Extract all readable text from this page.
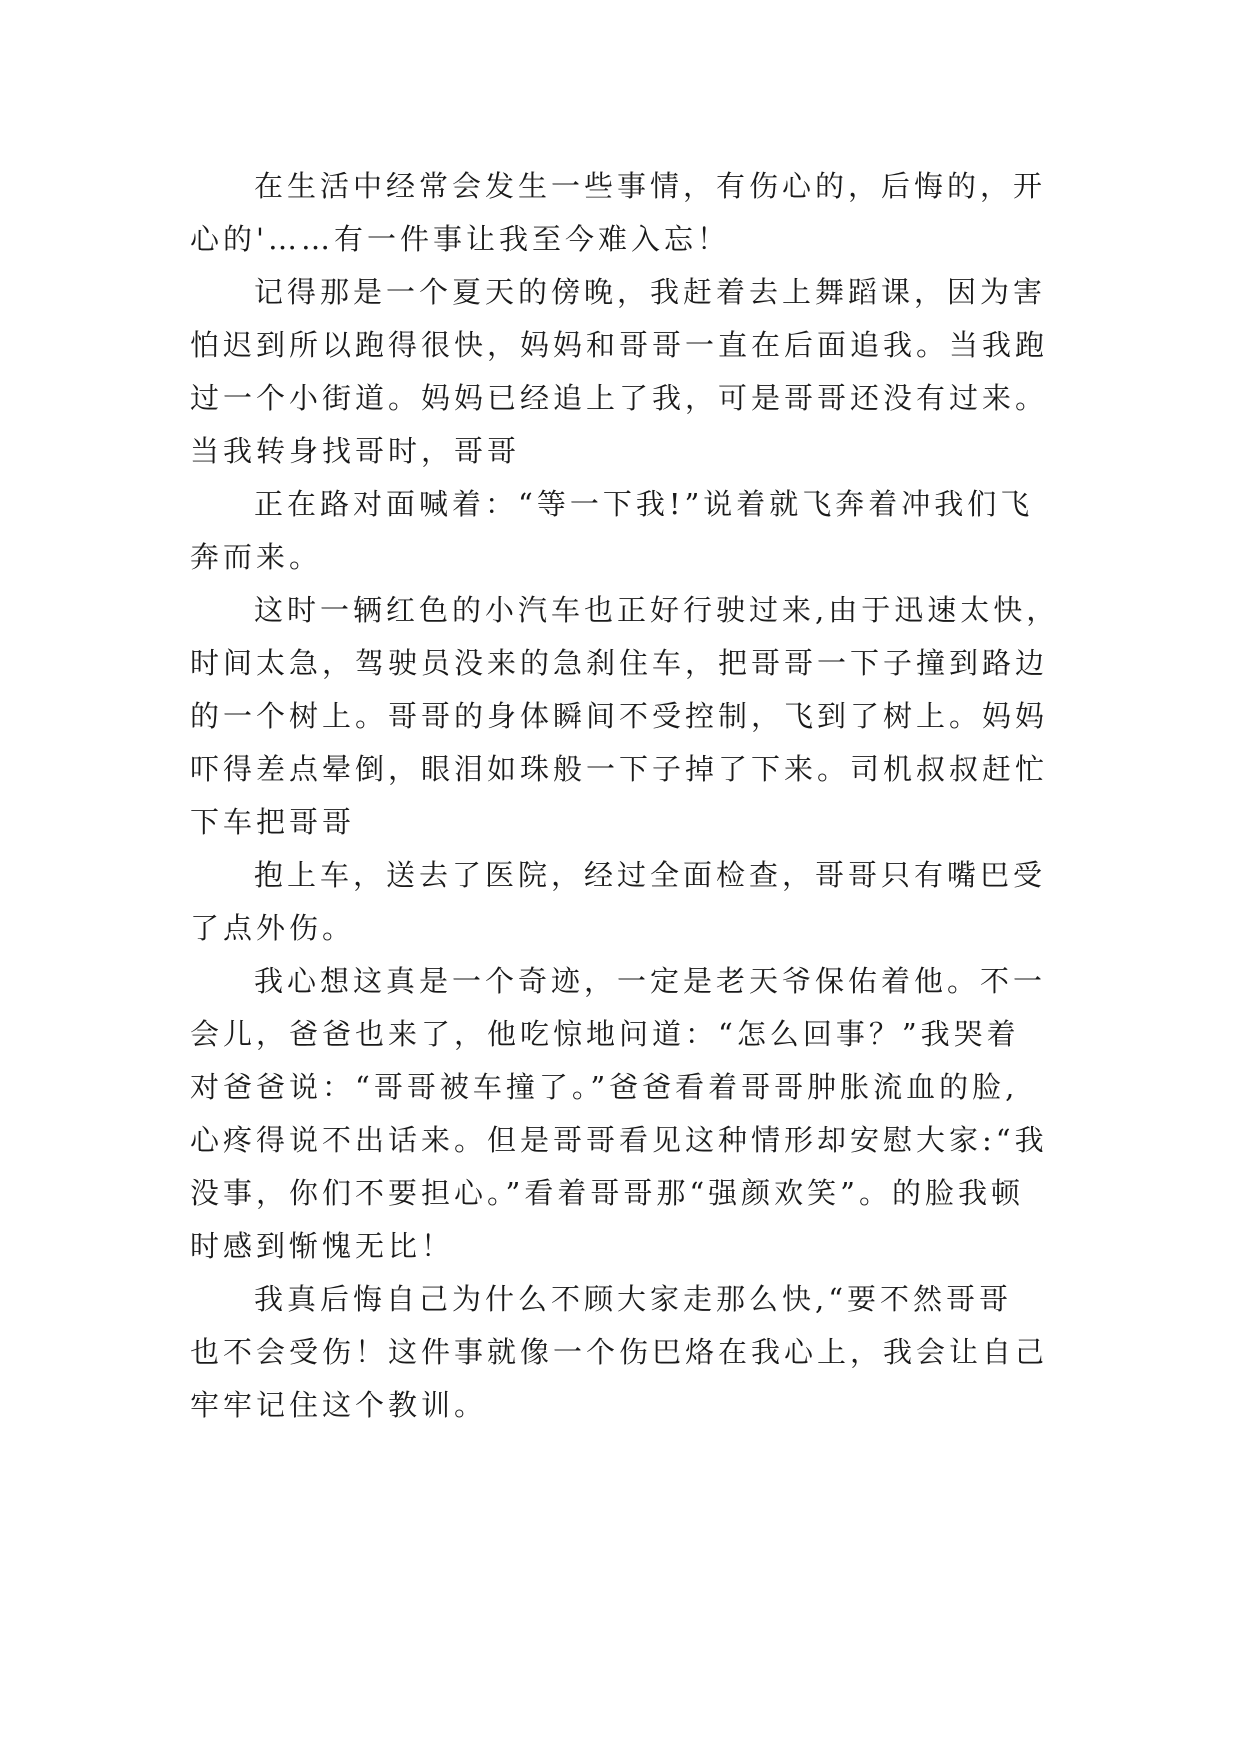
在生活中经常会发生一些事情，有伤心的，后悔的，开
心的'……有一件事让我至今难入忘！
记得那是一个夏天的傍晚，我赶着去上舞蹈课，因为害
怕迟到所以跑得很快，妈妈和哥哥一直在后面追我。当我跑
过一个小街道。妈妈已经追上了我，可是哥哥还没有过来。
当我转身找哥时，哥哥
正在路对面喊着：“等一下我!”说着就飞奔着冲我们飞
奔而来。
这时一辆红色的小汽车也正好行驶过来,由于迅速太快，
时间太急，驾驶员没来的急刹住车，把哥哥一下子撞到路边
的一个树上。哥哥的身体瞬间不受控制，飞到了树上。妈妈
吓得差点晕倒，眼泪如珠般一下子掉了下来。司机叔叔赶忙
下车把哥哥
抱上车，送去了医院，经过全面检查，哥哥只有嘴巴受
了点外伤。
我心想这真是一个奇迹，一定是老天爷保佑着他。不一
会儿，爸爸也来了，他吃惊地问道：“怎么回事？”我哭着
对爸爸说：“哥哥被车撞了。”爸爸看着哥哥肿胀流血的脸,
心疼得说不出话来。但是哥哥看见这种情形却安慰大家:“我
没事，你们不要担心。”看着哥哥那“强颜欢笑”。的脸我顿
时感到惭愧无比！
我真后悔自己为什么不顾大家走那么快,“要不然哥哥
也不会受伤！这件事就像一个伤巴烙在我心上，我会让自己
牢牢记住这个教训。
